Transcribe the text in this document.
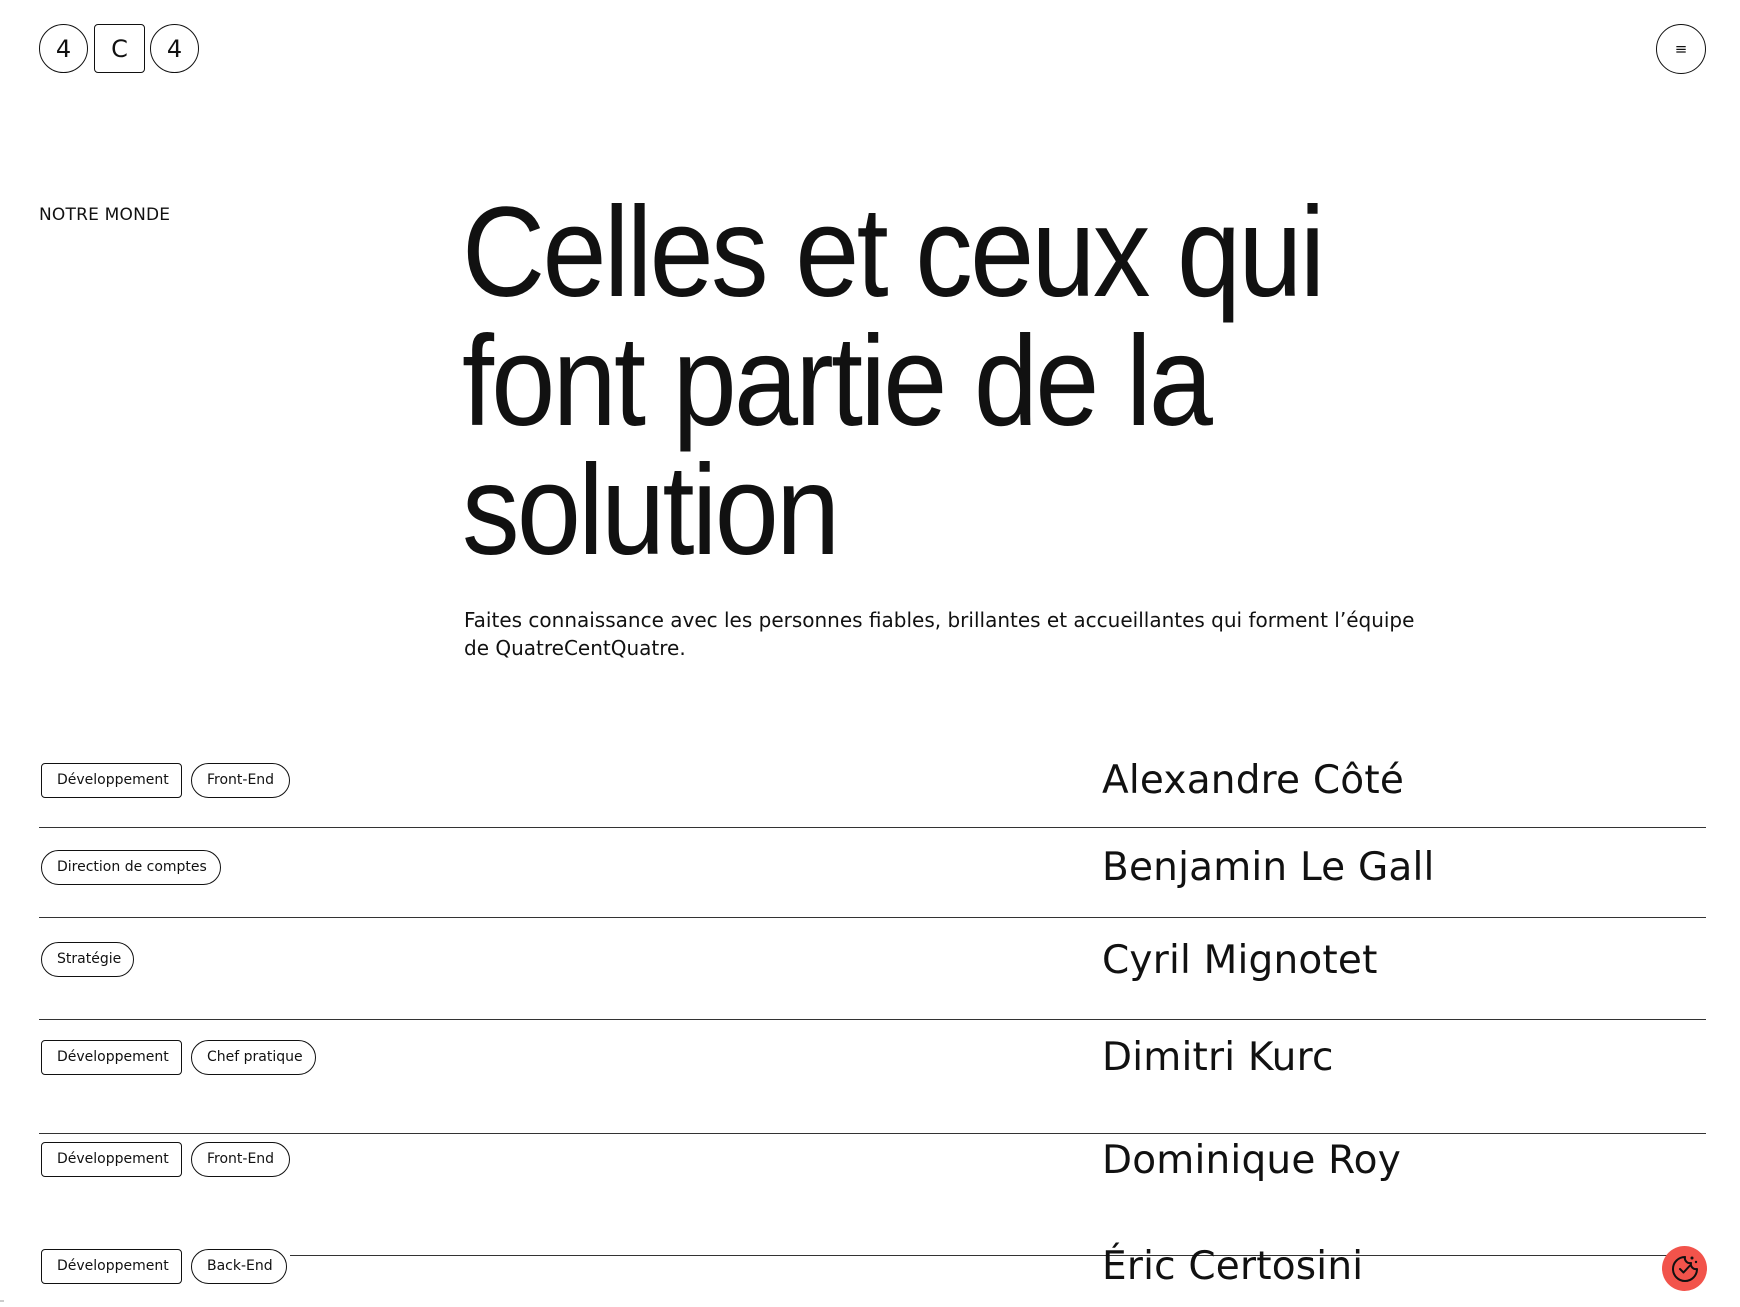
4	C	4	≡
NOTRE MONDE Celles et ceux qui font partie de la solution

Faites connaissance avec les personnes fiables, brillantes et accueillantes qui forment l’équipe de QuatreCentQuatre.

Développement	Front-End	Alexandre Côté
Direction de comptes	Benjamin Le Gall
Stratégie	Cyril Mignotet
Développement	Chef pratique	Dimitri Kurc
Développement	Front-End	Dominique Roy
Développement	Back-End	Éric Certosini
